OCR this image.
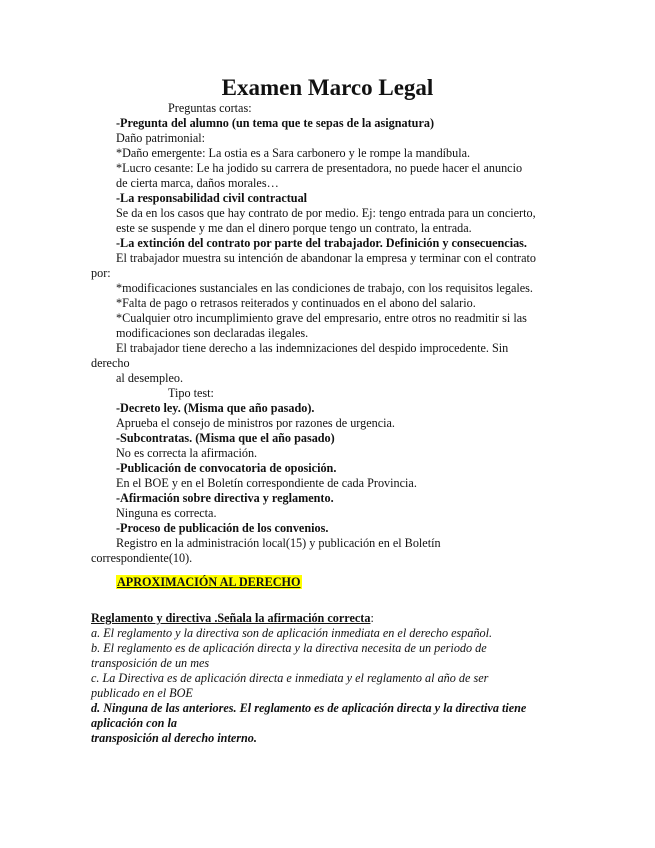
Examen Marco Legal
Preguntas cortas:
-Pregunta del alumno (un tema que te sepas de la asignatura)
Daño patrimonial:
*Daño emergente: La ostia es a Sara carbonero y le rompe la mandíbula.
*Lucro cesante: Le ha jodido su carrera de presentadora, no puede hacer el anuncio
de cierta marca, daños morales…
-La responsabilidad civil contractual
Se da en los casos que hay contrato de por medio. Ej: tengo entrada para un concierto,
este se suspende y me dan el dinero porque tengo un contrato, la entrada.
-La extinción del contrato por parte del trabajador. Definición y consecuencias.
El trabajador muestra su intención de abandonar la empresa y terminar con el contrato
por:
*modificaciones sustanciales en las condiciones de trabajo, con los requisitos legales.
*Falta de pago o retrasos reiterados y continuados en el abono del salario.
*Cualquier otro incumplimiento grave del empresario, entre otros no readmitir si las
modificaciones son declaradas ilegales.
El trabajador tiene derecho a las indemnizaciones del despido improcedente. Sin
derecho
al desempleo.
Tipo test:
-Decreto ley. (Misma que año pasado).
Aprueba el consejo de ministros por razones de urgencia.
-Subcontratas. (Misma que el año pasado)
No es correcta la afirmación.
-Publicación de convocatoria de oposición.
En el BOE y en el Boletín correspondiente de cada Provincia.
-Afirmación sobre directiva y reglamento.
Ninguna es correcta.
-Proceso de publicación de los convenios.
Registro en la administración local(15) y publicación en el Boletín
correspondiente(10).
APROXIMACIÓN AL DERECHO
Reglamento y directiva .Señala la afirmación correcta:
a. El reglamento y la directiva son de aplicación inmediata en el derecho español.
b. El reglamento es de aplicación directa y la directiva necesita de un periodo de
transposición de un mes
c. La Directiva es de aplicación directa e inmediata y el reglamento al año de ser
publicado en el BOE
d. Ninguna de las anteriores. El reglamento es de aplicación directa y la directiva tiene
aplicación con la
transposición al derecho interno.
